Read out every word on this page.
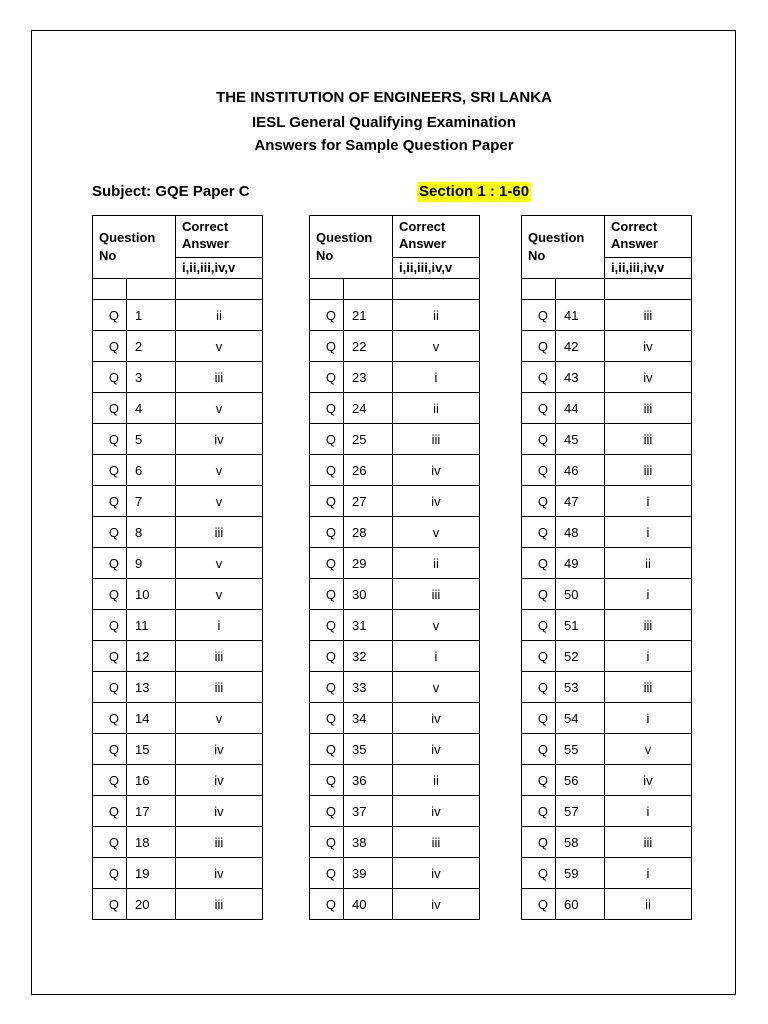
THE INSTITUTION OF ENGINEERS, SRI LANKA
IESL General Qualifying Examination
Answers for Sample Question Paper
Subject: GQE Paper C	Section 1 : 1-60
Question No		Correct Answer
		i,ii,iii,iv,v

Q	1	ii
Q	2	v
Q	3	iii
Q	4	v
Q	5	iv
Q	6	v
Q	7	v
Q	8	iii
Q	9	v
Q	10	v
Q	11	i
Q	12	iii
Q	13	iii
Q	14	v
Q	15	iv
Q	16	iv
Q	17	iv
Q	18	iii
Q	19	iv
Q	20	iii
Question No		Correct Answer
		i,ii,iii,iv,v

Q	21	ii
Q	22	v
Q	23	i
Q	24	ii
Q	25	iii
Q	26	iv
Q	27	iv
Q	28	v
Q	29	ii
Q	30	iii
Q	31	v
Q	32	i
Q	33	v
Q	34	iv
Q	35	iv
Q	36	ii
Q	37	iv
Q	38	iii
Q	39	iv
Q	40	iv
Question No		Correct Answer
		i,ii,iii,iv,v

Q	41	iii
Q	42	iv
Q	43	iv
Q	44	iii
Q	45	iii
Q	46	iii
Q	47	i
Q	48	i
Q	49	ii
Q	50	i
Q	51	iii
Q	52	i
Q	53	iii
Q	54	i
Q	55	v
Q	56	iv
Q	57	i
Q	58	iii
Q	59	i
Q	60	ii
